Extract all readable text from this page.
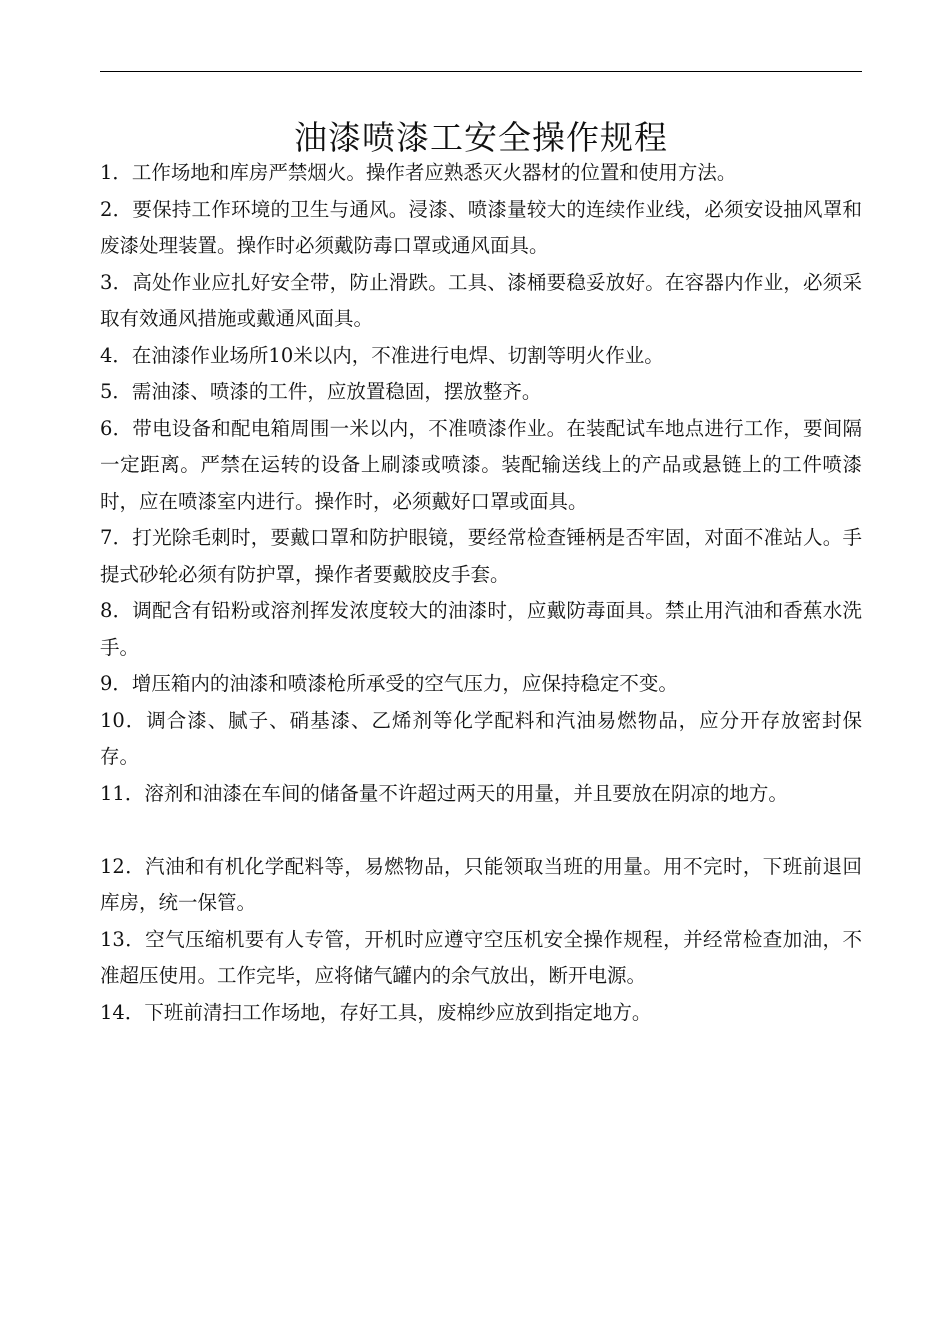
油漆喷漆工安全操作规程
1．工作场地和库房严禁烟火。操作者应熟悉灭火器材的位置和使用方法。
2．要保持工作环境的卫生与通风。浸漆、喷漆量较大的连续作业线，必须安设抽风罩和废漆处理装置。操作时必须戴防毒口罩或通风面具。
3．高处作业应扎好安全带，防止滑跌。工具、漆桶要稳妥放好。在容器内作业，必须采取有效通风措施或戴通风面具。
4．在油漆作业场所10米以内，不准进行电焊、切割等明火作业。
5．需油漆、喷漆的工件，应放置稳固，摆放整齐。
6．带电设备和配电箱周围一米以内，不准喷漆作业。在装配试车地点进行工作，要间隔一定距离。严禁在运转的设备上刷漆或喷漆。装配输送线上的产品或悬链上的工件喷漆时，应在喷漆室内进行。操作时，必须戴好口罩或面具。
7．打光除毛刺时，要戴口罩和防护眼镜，要经常检查锤柄是否牢固，对面不准站人。手提式砂轮必须有防护罩，操作者要戴胶皮手套。
8．调配含有铅粉或溶剂挥发浓度较大的油漆时，应戴防毒面具。禁止用汽油和香蕉水洗手。
9．增压箱内的油漆和喷漆枪所承受的空气压力，应保持稳定不变。
10．调合漆、腻子、硝基漆、乙烯剂等化学配料和汽油易燃物品，应分开存放密封保存。
11．溶剂和油漆在车间的储备量不许超过两天的用量，并且要放在阴凉的地方。
12．汽油和有机化学配料等，易燃物品，只能领取当班的用量。用不完时，下班前退回库房，统一保管。
13．空气压缩机要有人专管，开机时应遵守空压机安全操作规程，并经常检查加油，不准超压使用。工作完毕，应将储气罐内的余气放出，断开电源。
14．下班前清扫工作场地，存好工具，废棉纱应放到指定地方。
